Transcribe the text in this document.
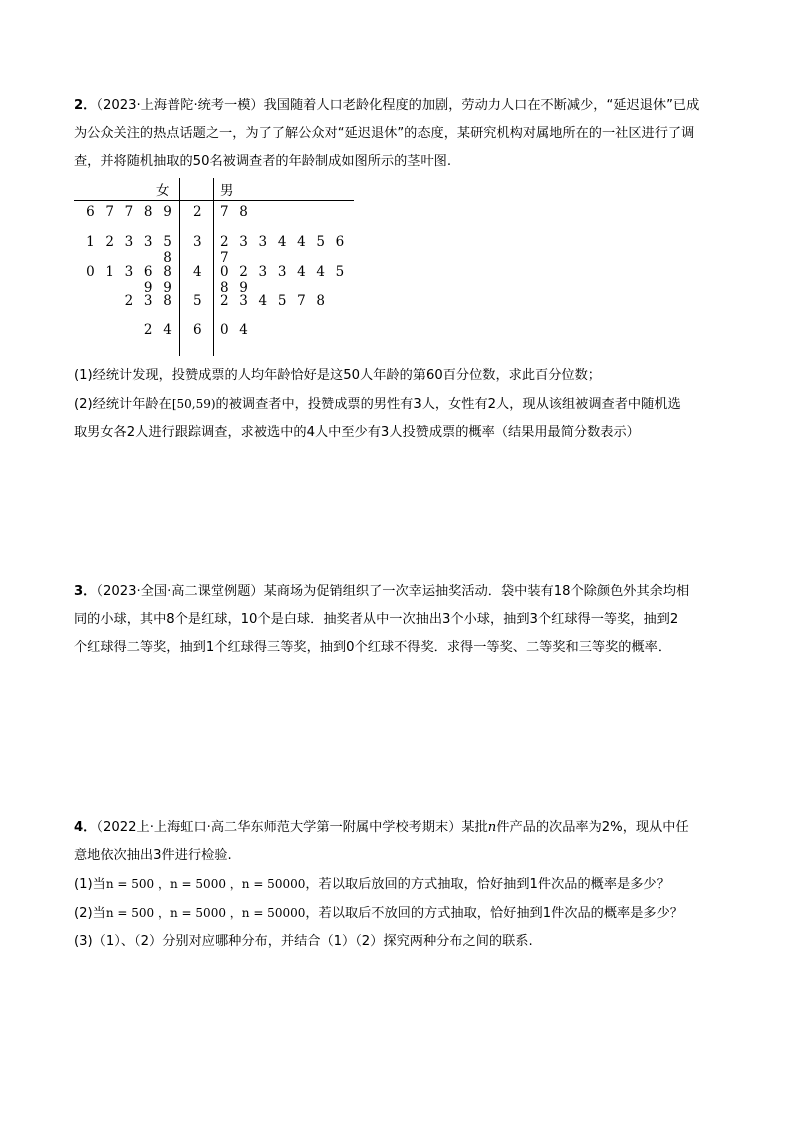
2．（2023·上海普陀·统考一模）我国随着人口老龄化程度的加剧，劳动力人口在不断减少，“延迟退休”已成
为公众关注的热点话题之一，为了了解公众对“延迟退休”的态度，某研究机构对属地所在的一社区进行了调
查，并将随机抽取的50名被调查者的年龄制成如图所示的茎叶图.
女	男
6 7 7 8 9 2 7 8
1 2 3 3 5 8
3 2 3 3 4 4 5 6 7
0 1 3 6 8 9 9
4 0 2 3 3 4 4 5 8 9
2 3 8 5 2 3 4 5 7 8
2 4 6 0 4
(1)经统计发现，投赞成票的人均年龄恰好是这50人年龄的第60百分位数，求此百分位数；
(2)经统计年龄在[50,59)的被调查者中，投赞成票的男性有3人，女性有2人，现从该组被调查者中随机选
取男女各2人进行跟踪调查，求被选中的4人中至少有3人投赞成票的概率（结果用最简分数表示）
3．（2023·全国·高二课堂例题）某商场为促销组织了一次幸运抽奖活动．袋中装有18个除颜色外其余均相
同的小球，其中8个是红球，10个是白球．抽奖者从中一次抽出3个小球，抽到3个红球得一等奖，抽到2
个红球得二等奖，抽到1个红球得三等奖，抽到0个红球不得奖．求得一等奖、二等奖和三等奖的概率．
4．（2022上·上海虹口·高二华东师范大学第一附属中学校考期末）某批n件产品的次品率为2%，现从中任
意地依次抽出3件进行检验.
(1)当n = 500 ，n = 5000 ，n = 50000，若以取后放回的方式抽取，恰好抽到1件次品的概率是多少？
(2)当n = 500 ，n = 5000 ，n = 50000，若以取后不放回的方式抽取，恰好抽到1件次品的概率是多少？
(3)（1）、（2）分别对应哪种分布，并结合（1）（2）探究两种分布之间的联系.
